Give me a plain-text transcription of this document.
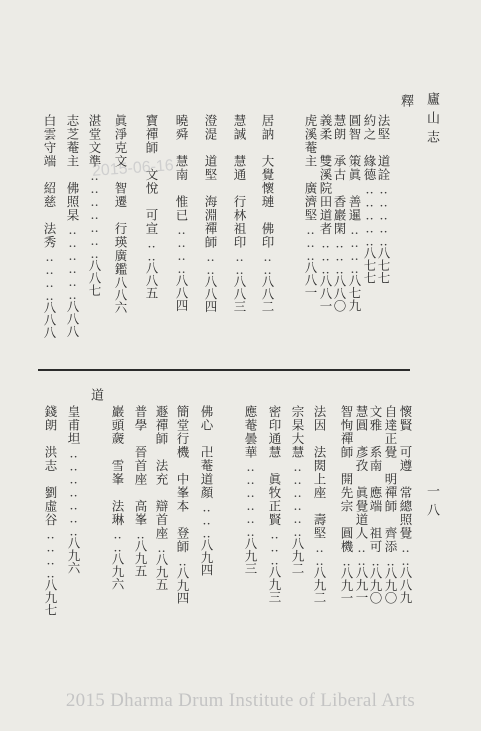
2015-06-16
廬山志
一八
釋
道
法堅　道詮‥‥‥‥‥八七七
約之　緣德‥‥‥‥‥八七七
圓智　策眞　善暹‥‥‥‥八七九
慧朗　承古　香巖閑‥‥‥八八〇
義柔　雙溪院田道者‥‥‥八八一
虎溪菴主　廣濟堅‥‥‥八八一
居訥　大覺懷璉　佛印‥‥八八二
慧誠　慧通　行林祖印‥‥八八三
澄湜　道堅　海淵禪師‥‥八八四
曉舜　慧南　惟已‥‥‥‥八八四
寶禪師　文悅　可宣‥‥八八五
眞淨克文　智遷　行瑛廣鑑八八六
湛堂文準‥‥‥‥‥‥‥八八七
志芝菴主　佛照杲‥‥‥‥‥‥八八八
白雲守端　紹慈　法秀‥‥‥‥八八八
懷賢　可遵　常總照覺‥‥八八九
自達正覺　明禪師　齊添‥八九〇
文雅　系南　應端　祖可‥八九〇
慧圓　彥孜　眞覺道人‥‥八九一
智恂禪師　開先宗　圓機‥八九一
法因　法閦上座　壽堅‥‥八九二
宗杲大慧‥‥‥‥‥‥八九二
密印通慧　眞牧正賢‥‥‥八九三
應菴曇華‥‥‥‥‥‥八九三
佛心　卍菴道顏‥‥‥八九四
簡堂行機　中峯本　登師‥八九四
遯禪師　法充　辯首座‥八九五
普學　晉首座　高峯‥八九五
巖頭奯　雪峯　法琳‥‥八九六
皇甫坦‥‥‥‥‥‥‥八九六
錢朗　洪志　劉虛谷‥‥‥‥八九七
2015 Dharma Drum Institute of Liberal Arts
